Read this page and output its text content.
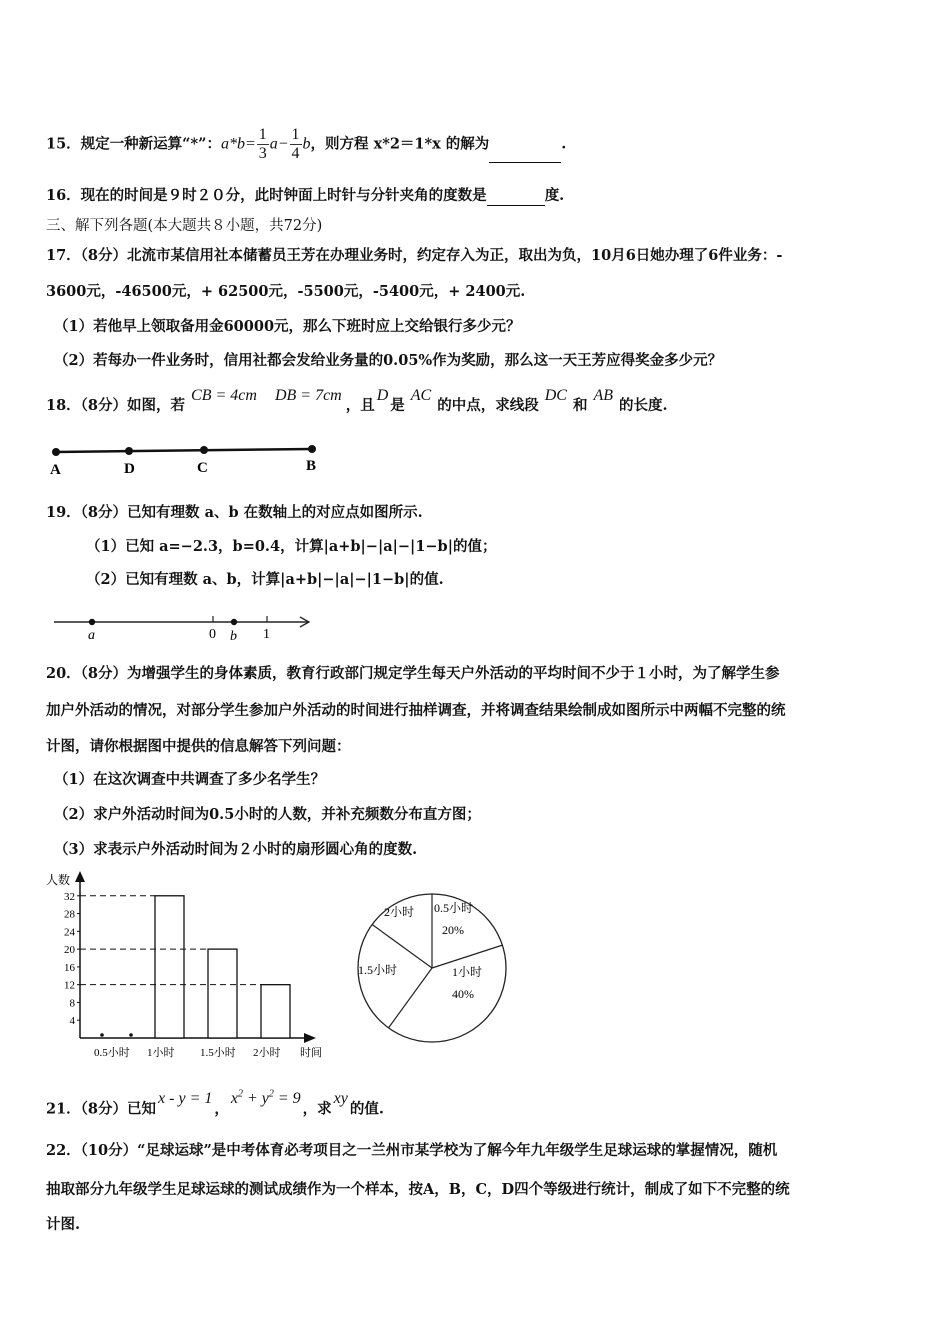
15．规定一种新运算“*”：$a*b= \frac{1}{3} a- \frac{1}{4}$ b，则方程 x*2＝1*x 的解为	.
16．现在的时间是９时２０分，此时钟面上时针与分针夹角的度数是	度.
三、解下列各题(本大题共８小题，共72分)
17．（8分）北流市某信用社本储蓄员王芳在办理业务时，约定存入为正，取出为负，10月6日她办理了6件业务：-
3600元，-46500元，+ 62500元，-5500元，-5400元，+ 2400元.
（1）若他早上领取备用金60000元，那么下班时应上交给银行多少元？
（2）若每办一件业务时，信用社都会发给业务量的0.05%作为奖励，那么这一天王芳应得奖金多少元？
18．（8分）如图，若CB = 4cm DB = 7cm，且D是AC的中点，求线段DC和AB的长度.
A	D	C	B
19．（8分）已知有理数 a、b 在数轴上的对应点如图所示.
（1）已知 a=−2.3，b=0.4，计算|a+b|−|a|−|1−b|的值；
（2）已知有理数 a、b，计算|a+b|−|a|−|1−b|的值.
a	0 b 1
20．（8分）为增强学生的身体素质，教育行政部门规定学生每天户外活动的平均时间不少于１小时，为了解学生参
加户外活动的情况，对部分学生参加户外活动的时间进行抽样调查，并将调查结果绘制成如图所示中两幅不完整的统
计图，请你根据图中提供的信息解答下列问题：
（1）在这次调查中共调查了多少名学生？
（2）求户外活动时间为0.5小时的人数，并补充频数分布直方图；
（3）求表示户外活动时间为２小时的扇形圆心角的度数.
人数
时间
4
8
12
16
20
24
28
32
0.5小时 1小时 1.5小时 2小时
2小时 0.5小时
20%
1.5小时	1小时
40%
21．（8分）已知x - y = 1，$x^2 + y^2 = 9$，求xy的值.
22．（10分）“足球运球”是中考体育必考项目之一兰州市某学校为了解今年九年级学生足球运球的掌握情况，随机
抽取部分九年级学生足球运球的测试成绩作为一个样本，按A，B，C，D四个等级进行统计，制成了如下不完整的统
计图.
